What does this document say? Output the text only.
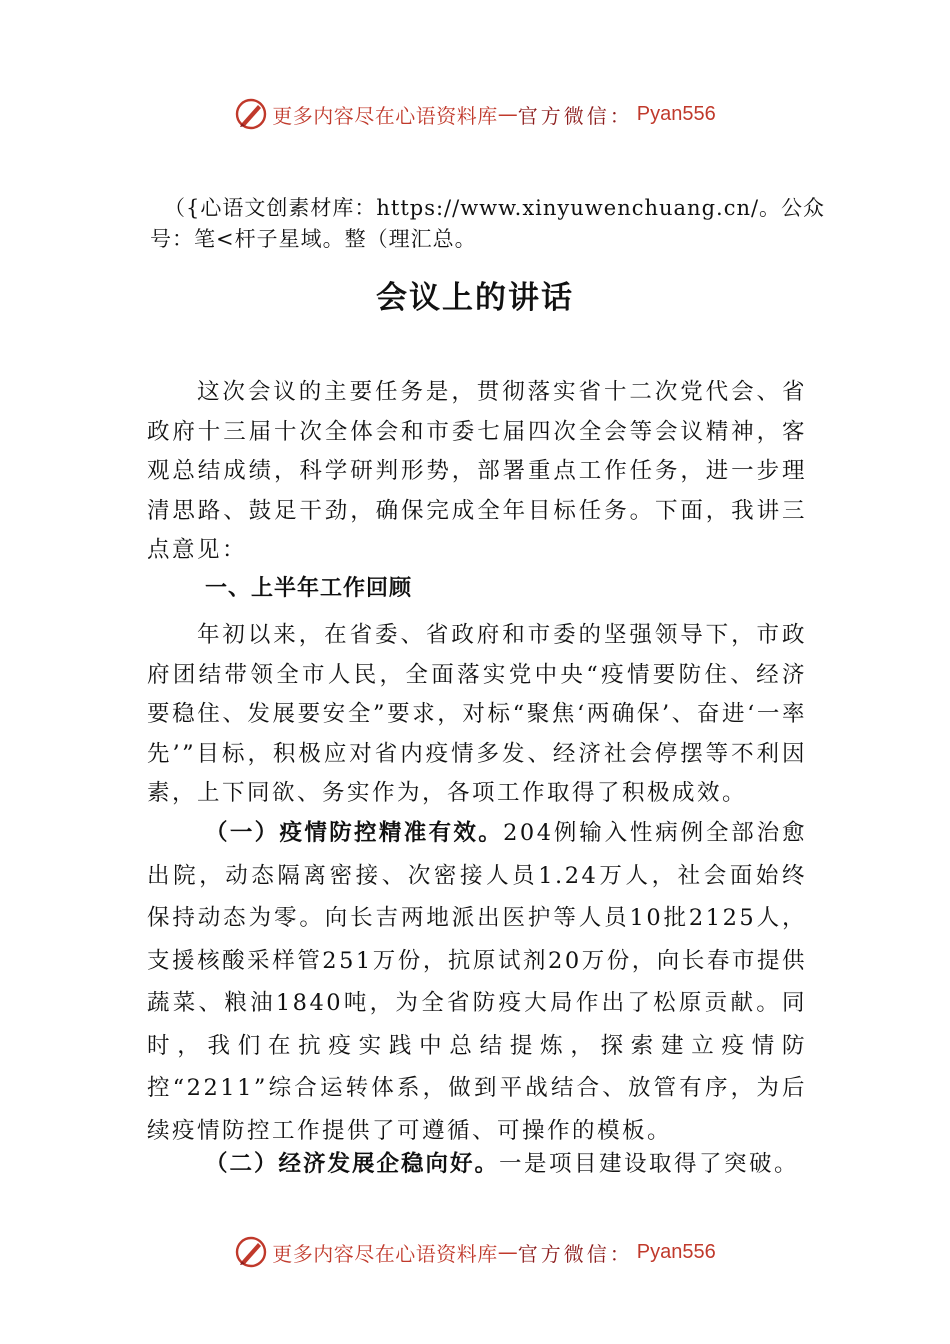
更多内容尽在心语资料库 — 官方微信： Pyan556
（{心语文创素材库：https://www.xinyuwenchuang.cn/。公众号：笔<杆子星域。整（理汇总。
会议上的讲话
这次会议的主要任务是，贯彻落实省十二次党代会、省政府十三届十次全体会和市委七届四次全会等会议精神，客观总结成绩，科学研判形势，部署重点工作任务，进一步理清思路、鼓足干劲，确保完成全年目标任务。下面，我讲三点意见：
一、上半年工作回顾
年初以来，在省委、省政府和市委的坚强领导下，市政府团结带领全市人民，全面落实党中央“疫情要防住、经济要稳住、发展要安全”要求，对标“聚焦‘两确保’、奋进‘一率先’”目标，积极应对省内疫情多发、经济社会停摆等不利因素，上下同欲、务实作为，各项工作取得了积极成效。
（一）疫情防控精准有效。204例输入性病例全部治愈出院，动态隔离密接、次密接人员1.24万人，社会面始终保持动态为零。向长吉两地派出医护等人员10批2125人，支援核酸采样管251万份，抗原试剂20万份，向长春市提供蔬菜、粮油1840吨，为全省防疫大局作出了松原贡献。同时，我们在抗疫实践中总结提炼，探索建立疫情防控“2211”综合运转体系，做到平战结合、放管有序，为后续疫情防控工作提供了可遵循、可操作的模板。
（二）经济发展企稳向好。一是项目建设取得了突破。
更多内容尽在心语资料库 — 官方微信： Pyan556
